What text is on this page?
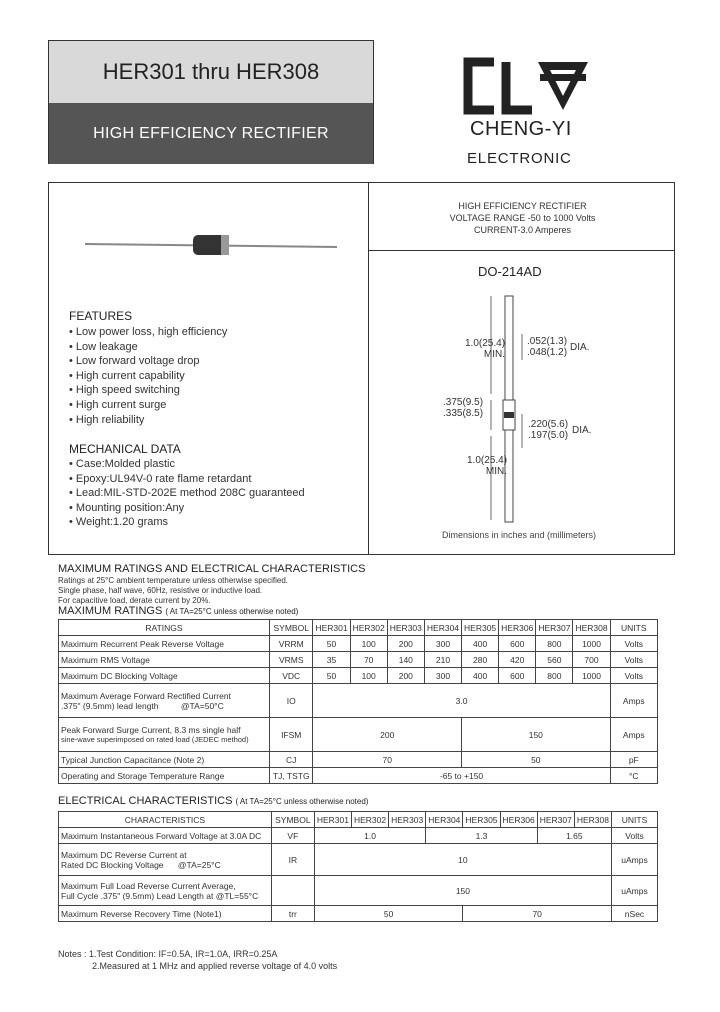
HER301 thru HER308
HIGH EFFICIENCY RECTIFIER	CHENG-YI
ELECTRONIC
HIGH EFFICIENCY RECTIFIER
VOLTAGE RANGE -50 to 1000 Volts
CURRENT-3.0 Amperes
DO-214AD
1.0(25.4)
MIN.
.052(1.3)
.048(1.2) DIA.
.375(9.5)
.335(8.5)
.220(5.6)
.197(5.0) DIA.
1.0(25.4)
MIN.
Dimensions in inches and (millimeters)
FEATURES
• Low power loss, high efficiency
• Low leakage
• Low forward voltage drop
• High current capability
• High speed switching
• High current surge
• High reliability
MECHANICAL DATA
• Case:Molded plastic
• Epoxy:UL94V-0 rate flame retardant
• Lead:MIL-STD-202E method 208C guaranteed
• Mounting position:Any
• Weight:1.20 grams
MAXIMUM RATINGS AND ELECTRICAL CHARACTERISTICS
Ratings at 25°C ambient temperature unless otherwise specified.
Single phase, half wave, 60Hz, resistive or inductive load.
For capacitive load, derate current by 20%.
MAXIMUM RATINGS ( At TA=25°C unless otherwise noted)
RATINGS	SYMBOL	HER301	HER302	HER303	HER304	HER305	HER306	HER307	HER308	UNITS
Maximum Recurrent Peak Reverse Voltage	VRRM	50	100	200	300	400	600	800	1000	Volts
Maximum RMS Voltage	VRMS	35	70	140	210	280	420	560	700	Volts
Maximum DC Blocking Voltage	VDC	50	100	200	300	400	600	800	1000	Volts

Maximum Average Forward Rectified Current
.375" (9.5mm) lead length @TA=50°C	IO	3.0								Amps

Peak Forward Surge Current, 8.3 ms single half
sine-wave superimposed on rated load (JEDEC method)	IFSM	200				150				Amps
Typical Junction Capacitance (Note 2)	CJ	70				50				pF
Operating and Storage Temperature Range	TJ, TSTG	-65 to +150								°C
ELECTRICAL CHARACTERISTICS ( At TA=25°C unless otherwise noted)
CHARACTERISTICS	SYMBOL	HER301	HER302	HER303	HER304	HER305	HER306	HER307	HER308	UNITS
Maximum Instantaneous Forward Voltage at 3.0A DC	VF	1.0			1.3			1.65		Volts

Maximum DC Reverse Current at
Rated DC Blocking Voltage @TA=25°C	IR	10								uAmps

Maximum Full Load Reverse Current Average,
Full Cycle .375" (9.5mm) Lead Length at @TL=55°C		150								uAmps
Maximum Reverse Recovery Time (Note1)	trr	50				70				nSec
Notes : 1.Test Condition: IF=0.5A, IR=1.0A, IRR=0.25A
2.Measured at 1 MHz and applied reverse voltage of 4.0 volts
